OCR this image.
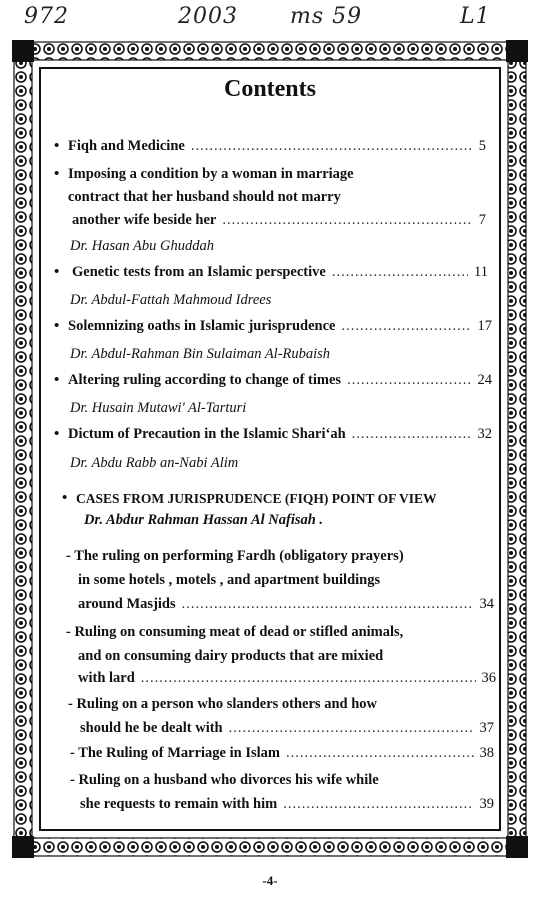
972	2003 ms 59	L1
Contents
• Fiqh and Medicine .....	5
• Imposing a condition by a woman in marriage
contract that her husband should not marry
another wife beside her .....	7
Dr. Hasan Abu Ghuddah
• Genetic tests from an Islamic perspective .....	11
Dr. Abdul-Fattah Mahmoud Idrees
• Solemnizing oaths in Islamic jurisprudence .....	17
Dr. Abdul-Rahman Bin Sulaiman Al-Rubaish
• Altering ruling according to change of times .....	24
Dr. Husain Mutawi' Al-Tarturi
• Dictum of Precaution in the Islamic Shari‘ah .....	32
Dr. Abdu Rabb an-Nabi Alim
• CASES FROM JURISPRUDENCE (FIQH) POINT OF VIEW
Dr. Abdur Rahman Hassan Al Nafisah .
- The ruling on performing Fardh (obligatory prayers)
in some hotels , motels , and apartment buildings
around Masjids .....	34
- Ruling on consuming meat of dead or stifled animals,
and on consuming dairy products that are mixied
with lard .....	36
- Ruling on a person who slanders others and how
should he be dealt with .....	37
- The Ruling of Marriage in Islam .....	38
- Ruling on a husband who divorces his wife while
she requests to remain with him .....	39
-4-
